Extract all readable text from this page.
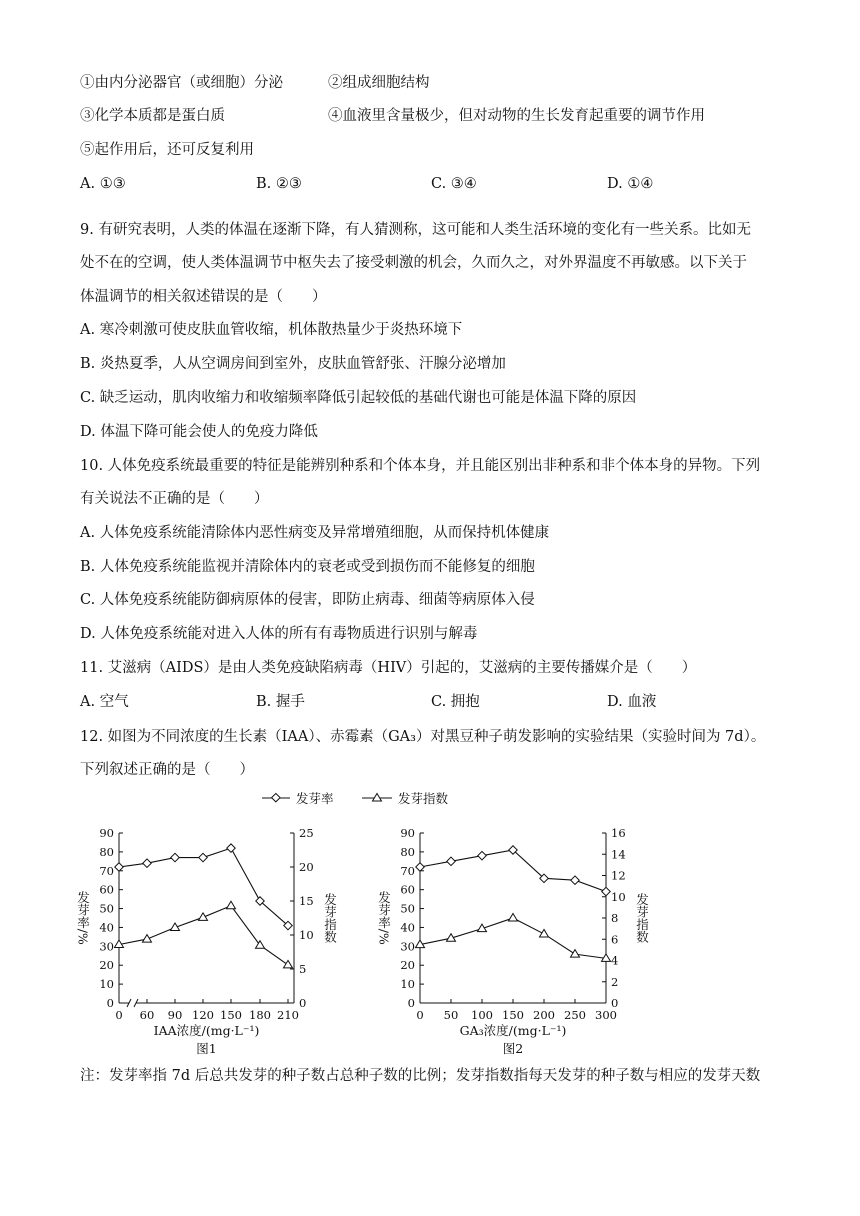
①由内分泌器官（或细胞）分泌	②组成细胞结构
③化学本质都是蛋白质	④血液里含量极少，但对动物的生长发育起重要的调节作用
⑤起作用后，还可反复利用
A. ①③	B. ②③	C. ③④	D. ①④
9. 有研究表明，人类的体温在逐渐下降，有人猜测称，这可能和人类生活环境的变化有一些关系。比如无
处不在的空调，使人类体温调节中枢失去了接受刺激的机会，久而久之，对外界温度不再敏感。以下关于
体温调节的相关叙述错误的是（　　）
A. 寒冷刺激可使皮肤血管收缩，机体散热量少于炎热环境下
B. 炎热夏季，人从空调房间到室外，皮肤血管舒张、汗腺分泌增加
C. 缺乏运动，肌肉收缩力和收缩频率降低引起较低的基础代谢也可能是体温下降的原因
D. 体温下降可能会使人的免疫力降低
10. 人体免疫系统最重要的特征是能辨别种系和个体本身，并且能区别出非种系和非个体本身的异物。下列
有关说法不正确的是（　　）
A. 人体免疫系统能清除体内恶性病变及异常增殖细胞，从而保持机体健康
B. 人体免疫系统能监视并清除体内的衰老或受到损伤而不能修复的细胞
C. 人体免疫系统能防御病原体的侵害，即防止病毒、细菌等病原体入侵
D. 人体免疫系统能对进入人体的所有有毒物质进行识别与解毒
11. 艾滋病（AIDS）是由人类免疫缺陷病毒（HIV）引起的，艾滋病的主要传播媒介是（　　）
A. 空气	B. 握手	C. 拥抱	D. 血液
12. 如图为不同浓度的生长素（IAA）、赤霉素（GA₃）对黑豆种子萌发影响的实验结果（实验时间为 7d）。
下列叙述正确的是（　　）
发芽率	发芽指数
0
10
20
30
40
50
60
70
80
90
0
5
10
15
20
25
0 60 90 120 150 180 210
发芽率/%	发芽指数
IAA浓度/(mg·L⁻¹)
图1
0
10
20
30
40
50
60
70
80
90
0
2
4
6
8
10
12
14
16
0 50 100 150 200 250 300
发芽率/%	发芽指数
GA₃浓度/(mg·L⁻¹)
图2
注：发芽率指 7d 后总共发芽的种子数占总种子数的比例；发芽指数指每天发芽的种子数与相应的发芽天数
